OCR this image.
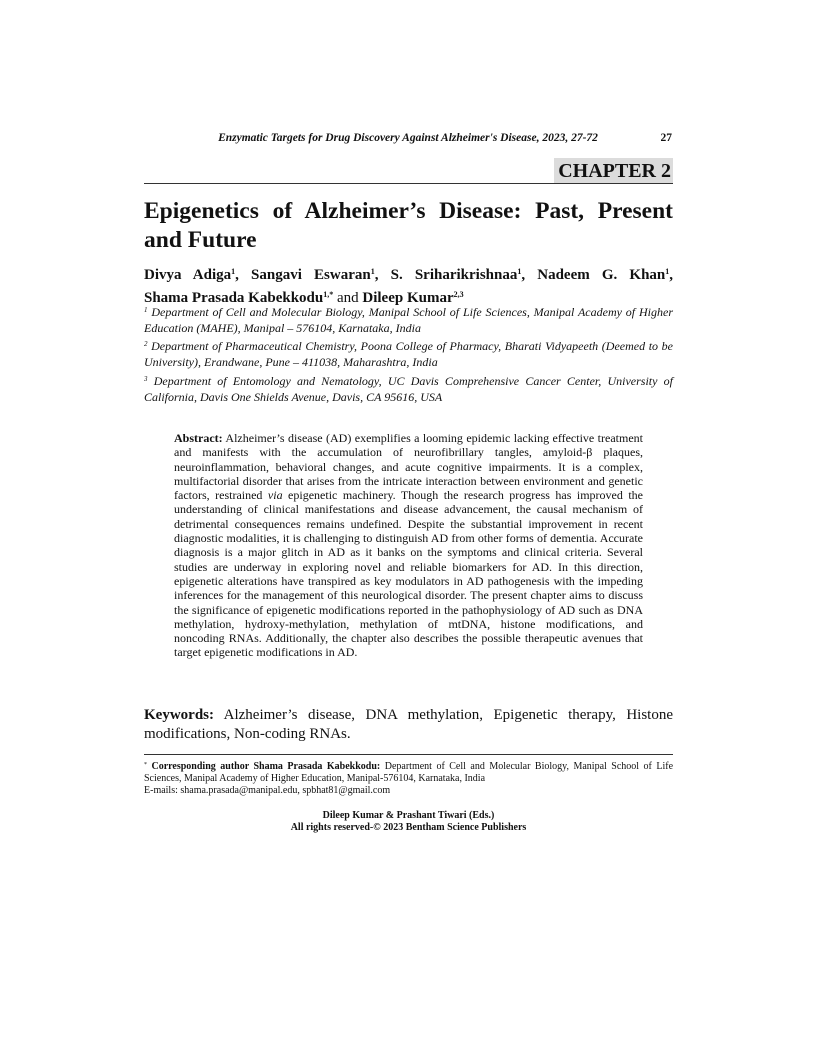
Enzymatic Targets for Drug Discovery Against Alzheimer's Disease, 2023, 27-72	27
CHAPTER 2
Epigenetics of Alzheimer’s Disease: Past, Present
and Future
Divya Adiga$^1$, Sangavi Eswaran$^1$, S. Sriharikrishnaa$^1$, Nadeem G. Khan$^1$,
Shama Prasada Kabekkodu$^{1,*}$ and Dileep Kumar$^{2,3}$
$^1$ Department of Cell and Molecular Biology, Manipal School of Life Sciences, Manipal Academy of Higher Education (MAHE), Manipal – 576104, Karnataka, India
$^2$ Department of Pharmaceutical Chemistry, Poona College of Pharmacy, Bharati Vidyapeeth (Deemed to be University), Erandwane, Pune – 411038, Maharashtra, India
$^3$ Department of Entomology and Nematology, UC Davis Comprehensive Cancer Center, University of California, Davis One Shields Avenue, Davis, CA 95616, USA
Abstract: Alzheimer’s disease (AD) exemplifies a looming epidemic lacking effective treatment and manifests with the accumulation of neurofibrillary tangles, amyloid-β plaques, neuroinflammation, behavioral changes, and acute cognitive impairments. It is a complex, multifactorial disorder that arises from the intricate interaction between environment and genetic factors, restrained via epigenetic machinery. Though the research progress has improved the understanding of clinical manifestations and disease advancement, the causal mechanism of detrimental consequences remains undefined. Despite the substantial improvement in recent diagnostic modalities, it is challenging to distinguish AD from other forms of dementia. Accurate diagnosis is a major glitch in AD as it banks on the symptoms and clinical criteria. Several studies are underway in exploring novel and reliable biomarkers for AD. In this direction, epigenetic alterations have transpired as key modulators in AD pathogenesis with the impeding inferences for the management of this neurological disorder. The present chapter aims to discuss the significance of epigenetic modifications reported in the pathophysiology of AD such as DNA methylation, hydroxy-methylation, methylation of mtDNA, histone modifications, and noncoding RNAs. Additionally, the chapter also describes the possible therapeutic avenues that target epigenetic modifications in AD.
Keywords: Alzheimer’s disease, DNA methylation, Epigenetic therapy, Histone modifications, Non-coding RNAs.
* Corresponding author Shama Prasada Kabekkodu: Department of Cell and Molecular Biology, Manipal School of Life Sciences, Manipal Academy of Higher Education, Manipal-576104, Karnataka, India
E-mails: shama.prasada@manipal.edu, spbhat81@gmail.com
Dileep Kumar & Prashant Tiwari (Eds.)
All rights reserved-© 2023 Bentham Science Publishers
